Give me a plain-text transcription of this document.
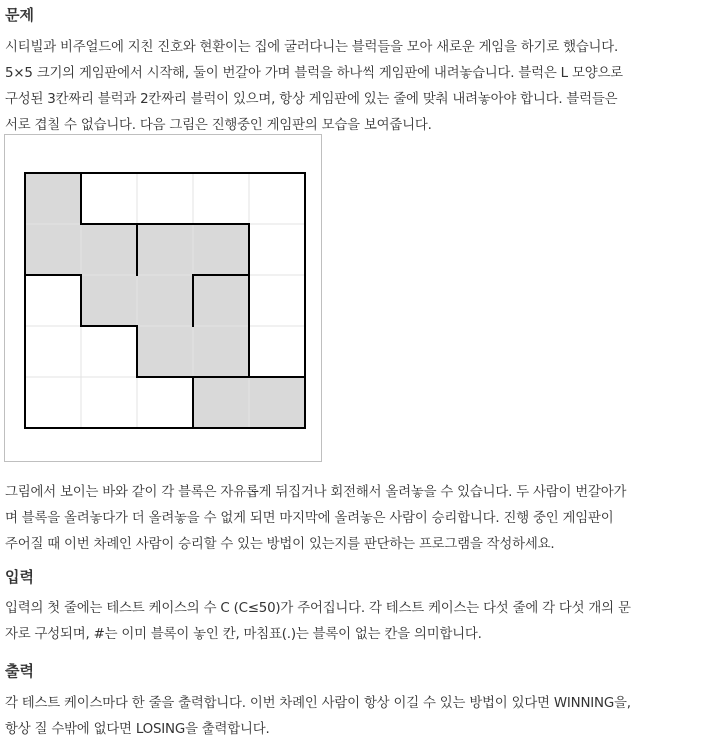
문제
시티빌과 비주얼드에 지친 진호와 현환이는 집에 굴러다니는 블럭들을 모아 새로운 게임을 하기로 했습니다.
5×5 크기의 게임판에서 시작해, 둘이 번갈아 가며 블럭을 하나씩 게임판에 내려놓습니다. 블럭은 L 모양으로
구성된 3칸짜리 블럭과 2칸짜리 블럭이 있으며, 항상 게임판에 있는 줄에 맞춰 내려놓아야 합니다. 블럭들은
서로 겹칠 수 없습니다. 다음 그림은 진행중인 게임판의 모습을 보여줍니다.
그림에서 보이는 바와 같이 각 블록은 자유롭게 뒤집거나 회전해서 올려놓을 수 있습니다. 두 사람이 번갈아가
며 블록을 올려놓다가 더 올려놓을 수 없게 되면 마지막에 올려놓은 사람이 승리합니다. 진행 중인 게임판이
주어질 때 이번 차례인 사람이 승리할 수 있는 방법이 있는지를 판단하는 프로그램을 작성하세요.
입력
입력의 첫 줄에는 테스트 케이스의 수 C (C≤50)가 주어집니다. 각 테스트 케이스는 다섯 줄에 각 다섯 개의 문
자로 구성되며, #는 이미 블록이 놓인 칸, 마침표(.)는 블록이 없는 칸을 의미합니다.
출력
각 테스트 케이스마다 한 줄을 출력합니다. 이번 차례인 사람이 항상 이길 수 있는 방법이 있다면 WINNING을,
항상 질 수밖에 없다면 LOSING을 출력합니다.
